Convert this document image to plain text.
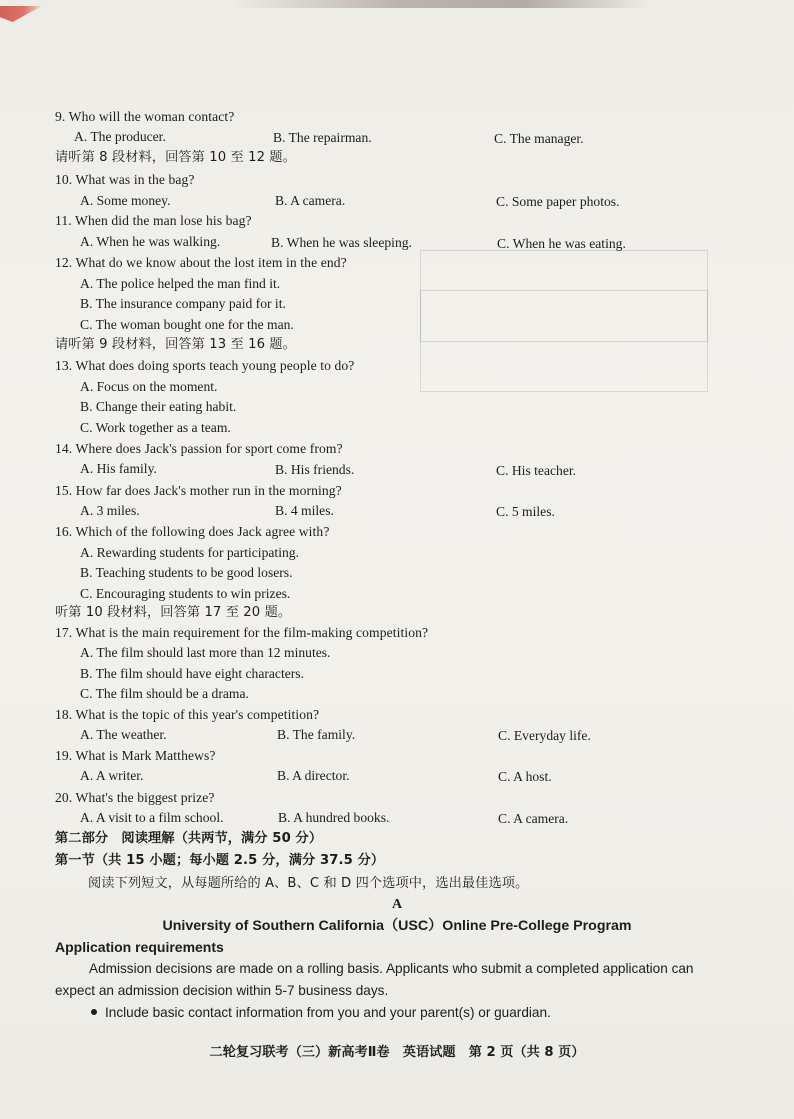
9. Who will the woman contact?
A. The producer.	B. The repairman.	C. The manager.
请听第 8 段材料，回答第 10 至 12 题。
10. What was in the bag?
A. Some money.	B. A camera.	C. Some paper photos.
11. When did the man lose his bag?
A. When he was walking.	B. When he was sleeping.	C. When he was eating.
12. What do we know about the lost item in the end?
A. The police helped the man find it.
B. The insurance company paid for it.
C. The woman bought one for the man.
请听第 9 段材料，回答第 13 至 16 题。
13. What does doing sports teach young people to do?
A. Focus on the moment.
B. Change their eating habit.
C. Work together as a team.
14. Where does Jack's passion for sport come from?
A. His family.	B. His friends.	C. His teacher.
15. How far does Jack's mother run in the morning?
A. 3 miles.	B. 4 miles.	C. 5 miles.
16. Which of the following does Jack agree with?
A. Rewarding students for participating.
B. Teaching students to be good losers.
C. Encouraging students to win prizes.
听第 10 段材料，回答第 17 至 20 题。
17. What is the main requirement for the film-making competition?
A. The film should last more than 12 minutes.
B. The film should have eight characters.
C. The film should be a drama.
18. What is the topic of this year's competition?
A. The weather.	B. The family.	C. Everyday life.
19. What is Mark Matthews?
A. A writer.	B. A director.	C. A host.
20. What's the biggest prize?
A. A visit to a film school.	B. A hundred books.	C. A camera.
第二部分　阅读理解（共两节，满分 50 分）
第一节（共 15 小题；每小题 2.5 分，满分 37.5 分）
阅读下列短文，从每题所给的 A、B、C 和 D 四个选项中，选出最佳选项。
A
University of Southern California（USC）Online Pre-College Program
Application requirements
Admission decisions are made on a rolling basis. Applicants who submit a completed application can expect an admission decision within 5-7 business days.
Include basic contact information from you and your parent(s) or guardian.
二轮复习联考（三）新高考Ⅱ卷　英语试题　第 2 页（共 8 页）
